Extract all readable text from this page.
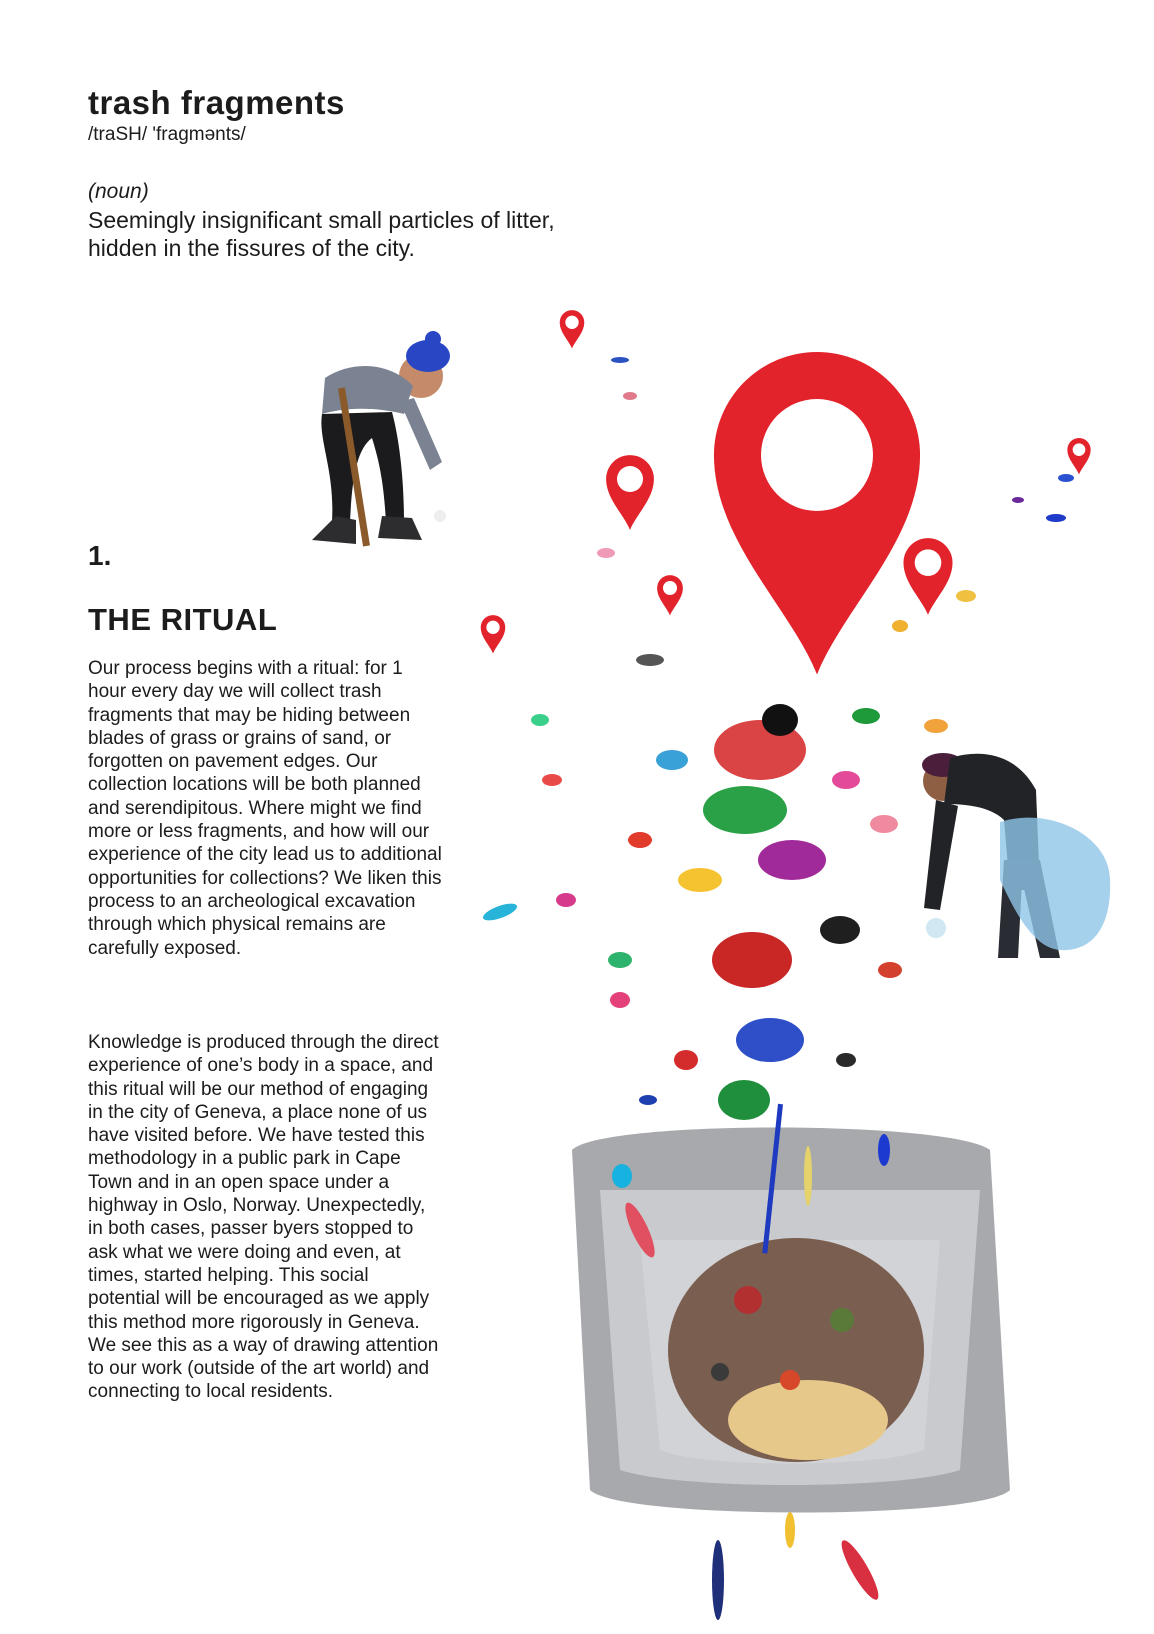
trash fragments
/traSH/ 'fragmənts/
(noun)
Seemingly insignificant small particles of litter, hidden in the fissures of the city.
1.
THE RITUAL

Our process begins with a ritual: for 1 hour every day we will collect trash fragments that may be hiding between blades of grass or grains of sand, or forgotten on pavement edges. Our collection locations will be both planned and serendipitous. Where might we find more or less fragments, and how will our experience of the city lead us to additional opportunities for collections? We liken this process to an archeological excavation through which physical remains are carefully exposed.

Knowledge is produced through the direct experience of one’s body in a space, and this ritual will be our method of engaging in the city of Geneva, a place none of us have visited before. We have tested this methodology in a public park in Cape Town and in an open space under a highway in Oslo, Norway. Unexpectedly, in both cases, passer byers stopped to ask what we were doing and even, at times, started helping. This social potential will be encouraged as we apply this method more rigorously in Geneva. We see this as a way of drawing attention to our work (outside of the art world) and connecting to local residents.
